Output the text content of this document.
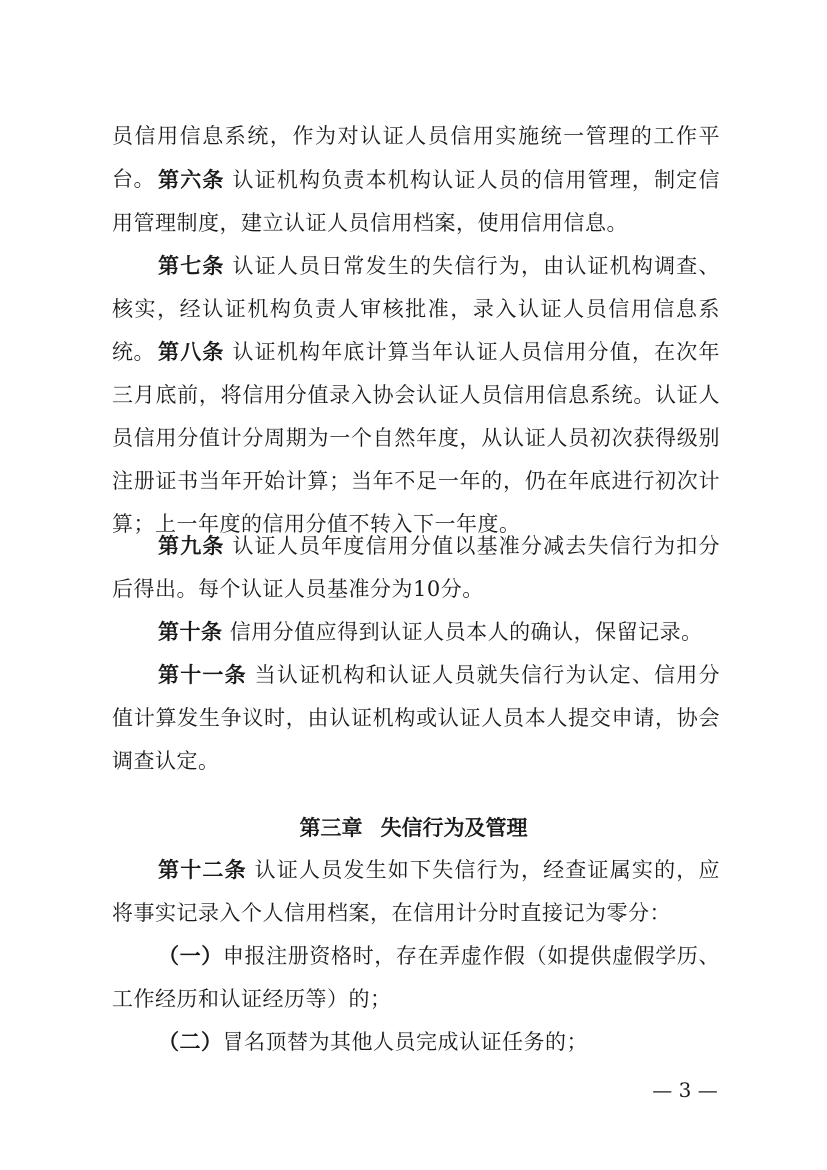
员信用信息系统，作为对认证人员信用实施统一管理的工作平台。 第六条 认证机构负责本机构认证人员的信用管理，制定信用管理制度，建立认证人员信用档案，使用信用信息。

第七条 认证人员日常发生的失信行为，由认证机构调查、核实，经认证机构负责人审核批准，录入认证人员信用信息系统。 第八条 认证机构年底计算当年认证人员信用分值，在次年三月底前，将信用分值录入协会认证人员信用信息系统。认证人员信用分值计分周期为一个自然年度，从认证人员初次获得级别注册证书当年开始计算；当年不足一年的，仍在年底进行初次计算；上一年度的信用分值不转入下一年度。

第九条 认证人员年度信用分值以基准分减去失信行为扣分后得出。每个认证人员基准分为10分。

第十条 信用分值应得到认证人员本人的确认，保留记录。

第十一条 当认证机构和认证人员就失信行为认定、信用分值计算发生争议时，由认证机构或认证人员本人提交申请，协会调查认定。

第三章 失信行为及管理

第十二条 认证人员发生如下失信行为，经查证属实的，应将事实记录入个人信用档案，在信用计分时直接记为零分：

（一）申报注册资格时，存在弄虚作假（如提供虚假学历、工作经历和认证经历等）的；

（二）冒名顶替为其他人员完成认证任务的；

— 3 —
